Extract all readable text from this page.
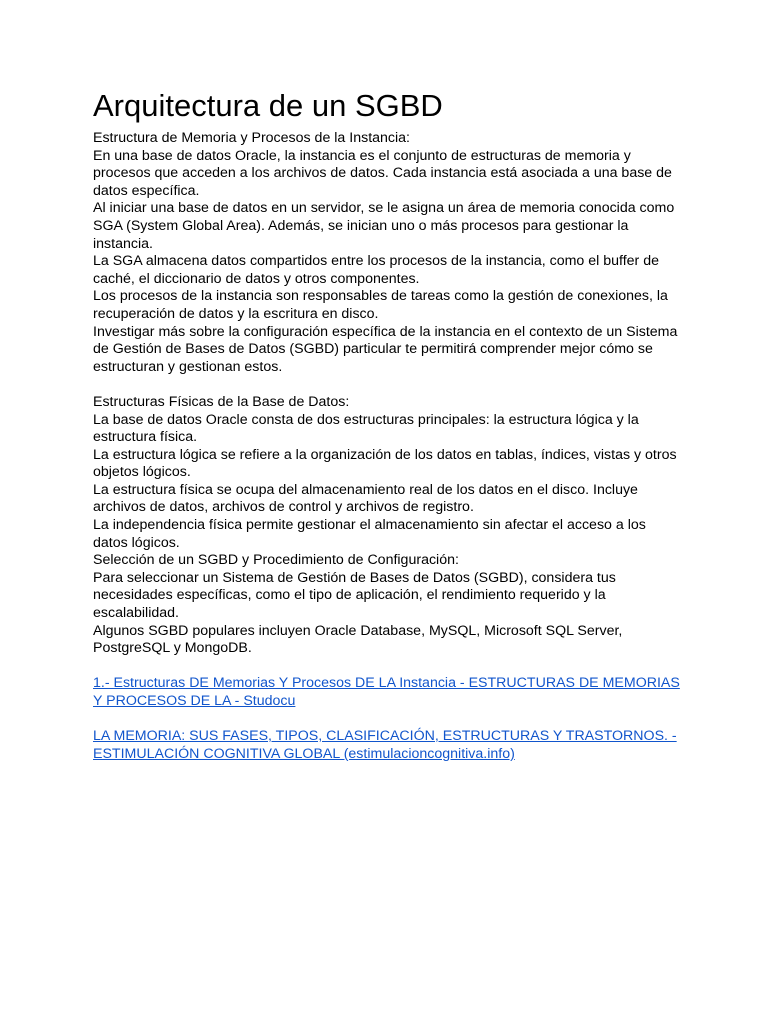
Arquitectura de un SGBD

Estructura de Memoria y Procesos de la Instancia:

En una base de datos Oracle, la instancia es el conjunto de estructuras de memoria y procesos que acceden a los archivos de datos. Cada instancia está asociada a una base de datos específica.

Al iniciar una base de datos en un servidor, se le asigna un área de memoria conocida como SGA (System Global Area). Además, se inician uno o más procesos para gestionar la instancia.

La SGA almacena datos compartidos entre los procesos de la instancia, como el buffer de caché, el diccionario de datos y otros componentes.

Los procesos de la instancia son responsables de tareas como la gestión de conexiones, la recuperación de datos y la escritura en disco.

Investigar más sobre la configuración específica de la instancia en el contexto de un Sistema de Gestión de Bases de Datos (SGBD) particular te permitirá comprender mejor cómo se estructuran y gestionan estos.

Estructuras Físicas de la Base de Datos:

La base de datos Oracle consta de dos estructuras principales: la estructura lógica y la estructura física.

La estructura lógica se refiere a la organización de los datos en tablas, índices, vistas y otros objetos lógicos.

La estructura física se ocupa del almacenamiento real de los datos en el disco. Incluye archivos de datos, archivos de control y archivos de registro.

La independencia física permite gestionar el almacenamiento sin afectar el acceso a los datos lógicos.

Selección de un SGBD y Procedimiento de Configuración:

Para seleccionar un Sistema de Gestión de Bases de Datos (SGBD), considera tus necesidades específicas, como el tipo de aplicación, el rendimiento requerido y la escalabilidad.

Algunos SGBD populares incluyen Oracle Database, MySQL, Microsoft SQL Server, PostgreSQL y MongoDB.

1.- Estructuras DE Memorias Y Procesos DE LA Instancia - ESTRUCTURAS DE MEMORIAS Y PROCESOS DE LA - Studocu
LA MEMORIA: SUS FASES, TIPOS, CLASIFICACIÓN, ESTRUCTURAS Y TRASTORNOS. - ESTIMULACIÓN COGNITIVA GLOBAL (estimulacioncognitiva.info)
